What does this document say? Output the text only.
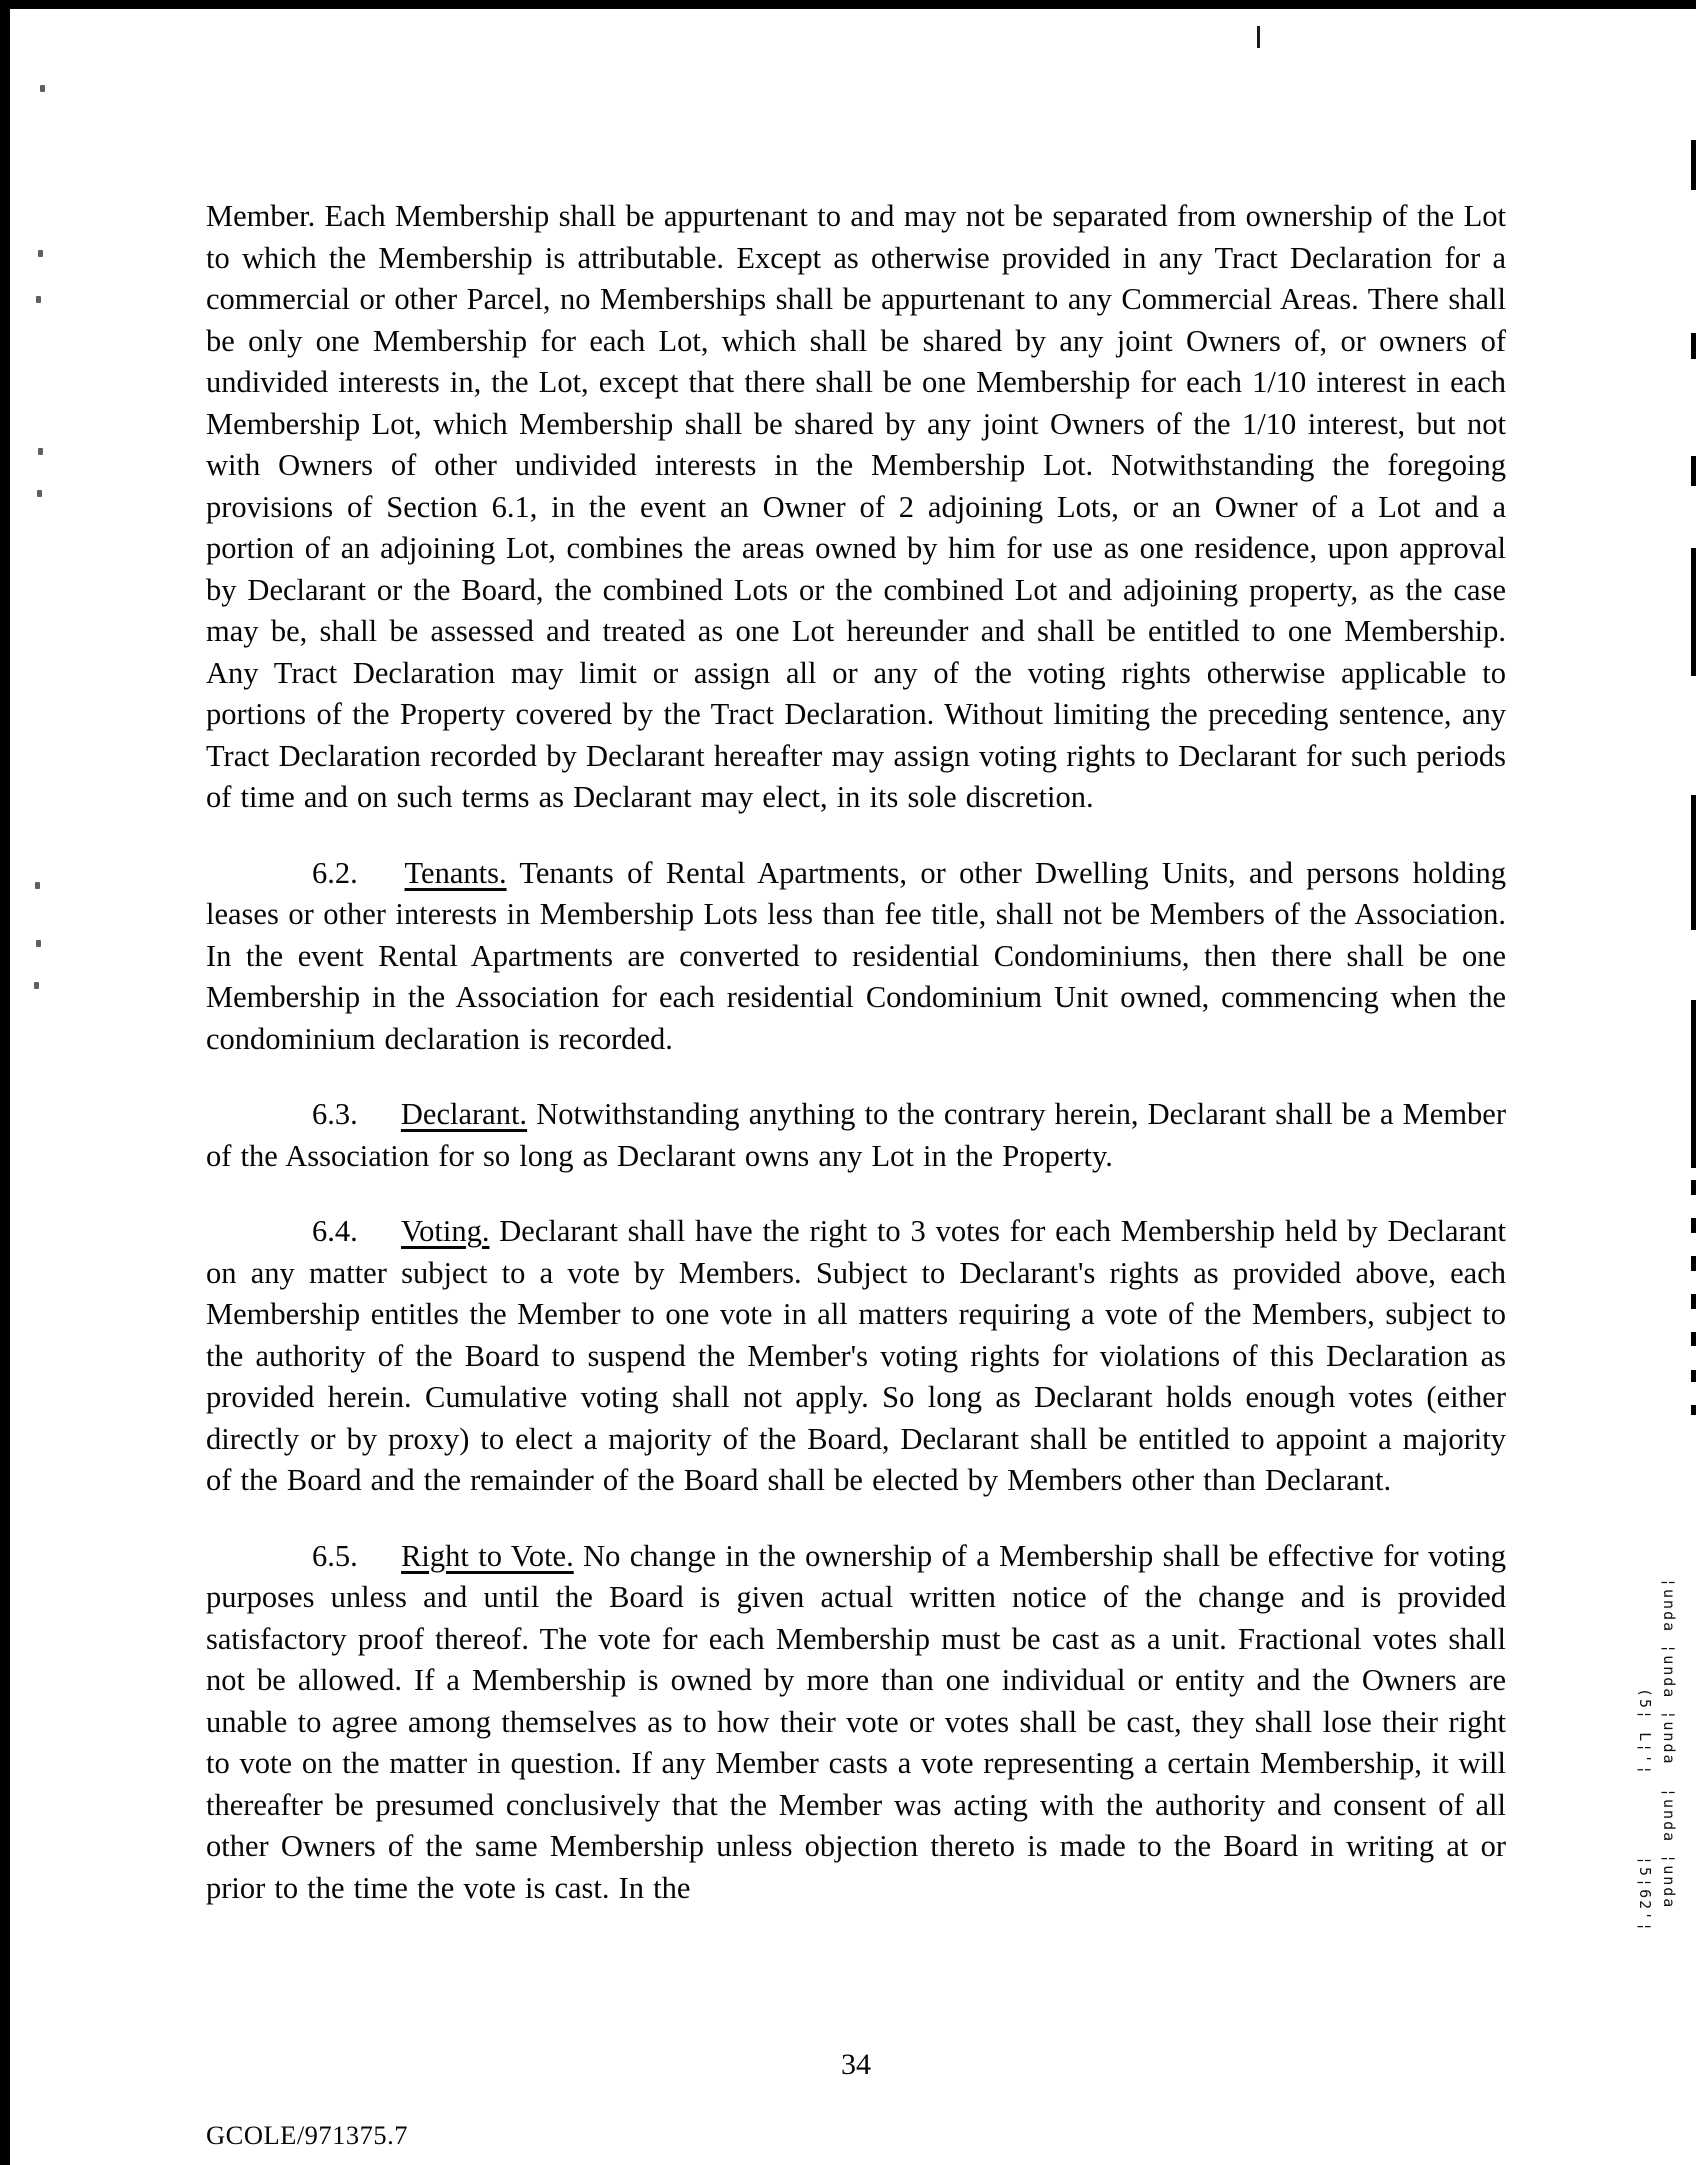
¦unda ¦unda ¦unda
(5¦ L¦'¦
¦unda ¦unda
¦5¦62'¦

Member. Each Membership shall be appurtenant to and may not be separated from ownership of the Lot to which the Membership is attributable. Except as otherwise provided in any Tract Declaration for a commercial or other Parcel, no Memberships shall be appurtenant to any Commercial Areas. There shall be only one Membership for each Lot, which shall be shared by any joint Owners of, or owners of undivided interests in, the Lot, except that there shall be one Membership for each 1/10 interest in each Membership Lot, which Membership shall be shared by any joint Owners of the 1/10 interest, but not with Owners of other undivided interests in the Membership Lot. Notwithstanding the foregoing provisions of Section 6.1, in the event an Owner of 2 adjoining Lots, or an Owner of a Lot and a portion of an adjoining Lot, combines the areas owned by him for use as one residence, upon approval by Declarant or the Board, the combined Lots or the combined Lot and adjoining property, as the case may be, shall be assessed and treated as one Lot hereunder and shall be entitled to one Membership. Any Tract Declaration may limit or assign all or any of the voting rights otherwise applicable to portions of the Property covered by the Tract Declaration. Without limiting the preceding sentence, any Tract Declaration recorded by Declarant hereafter may assign voting rights to Declarant for such periods of time and on such terms as Declarant may elect, in its sole discretion.

6.2. Tenants. Tenants of Rental Apartments, or other Dwelling Units, and persons holding leases or other interests in Membership Lots less than fee title, shall not be Members of the Association. In the event Rental Apartments are converted to residential Condominiums, then there shall be one Membership in the Association for each residential Condominium Unit owned, commencing when the condominium declaration is recorded.

6.3. Declarant. Notwithstanding anything to the contrary herein, Declarant shall be a Member of the Association for so long as Declarant owns any Lot in the Property.

6.4. Voting. Declarant shall have the right to 3 votes for each Membership held by Declarant on any matter subject to a vote by Members. Subject to Declarant's rights as provided above, each Membership entitles the Member to one vote in all matters requiring a vote of the Members, subject to the authority of the Board to suspend the Member's voting rights for violations of this Declaration as provided herein. Cumulative voting shall not apply. So long as Declarant holds enough votes (either directly or by proxy) to elect a majority of the Board, Declarant shall be entitled to appoint a majority of the Board and the remainder of the Board shall be elected by Members other than Declarant.

6.5. Right to Vote. No change in the ownership of a Membership shall be effective for voting purposes unless and until the Board is given actual written notice of the change and is provided satisfactory proof thereof. The vote for each Membership must be cast as a unit. Fractional votes shall not be allowed. If a Membership is owned by more than one individual or entity and the Owners are unable to agree among themselves as to how their vote or votes shall be cast, they shall lose their right to vote on the matter in question. If any Member casts a vote representing a certain Membership, it will thereafter be presumed conclusively that the Member was acting with the authority and consent of all other Owners of the same Membership unless objection thereto is made to the Board in writing at or prior to the time the vote is cast. In the

34
GCOLE/971375.7
